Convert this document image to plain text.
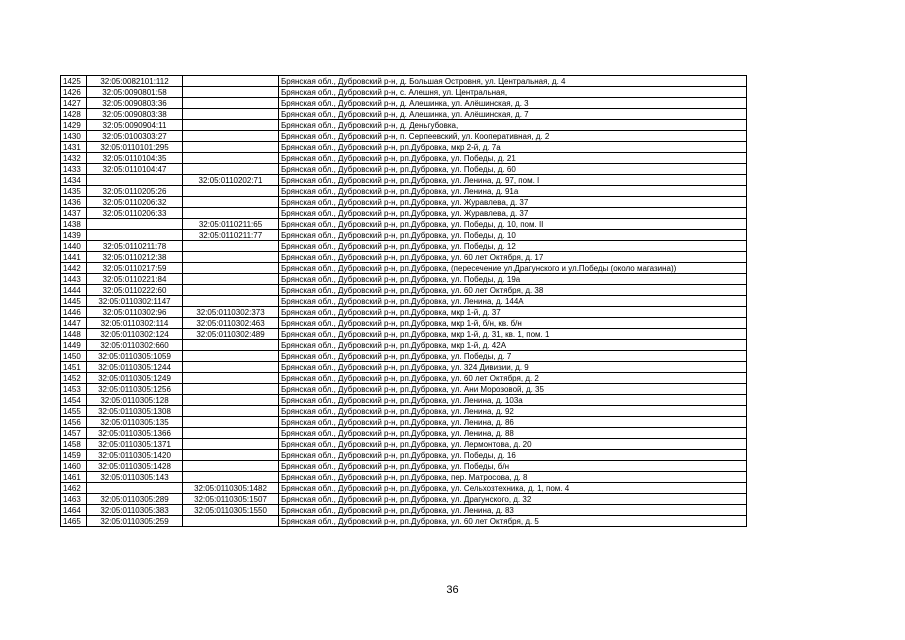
1425	32:05:0082101:112		Брянская обл., Дубровский р-н, д. Большая Островня, ул. Центральная, д. 4
1426	32:05:0090801:58		Брянская обл., Дубровский р-н, с. Алешня, ул. Центральная,
1427	32:05:0090803:36		Брянская обл., Дубровский р-н, д. Алешинка, ул. Алёшинская, д. 3
1428	32:05:0090803:38		Брянская обл., Дубровский р-н, д. Алешинка, ул. Алёшинская, д. 7
1429	32:05:0090904:11		Брянская обл., Дубровский р-н, д. Деньгубовка,
1430	32:05:0100303:27		Брянская обл., Дубровский р-н, п. Серпеевский, ул. Кооперативная, д. 2
1431	32:05:0110101:295		Брянская обл., Дубровский р-н, рп.Дубровка, мкр 2-й, д. 7а
1432	32:05:0110104:35		Брянская обл., Дубровский р-н, рп.Дубровка, ул. Победы, д. 21
1433	32:05:0110104:47		Брянская обл., Дубровский р-н, рп.Дубровка, ул. Победы, д. 60
1434		32:05:0110202:71	Брянская обл., Дубровский р-н, рп.Дубровка, ул. Ленина, д. 97, пом. I
1435	32:05:0110205:26		Брянская обл., Дубровский р-н, рп.Дубровка, ул. Ленина, д. 91а
1436	32:05:0110206:32		Брянская обл., Дубровский р-н, рп.Дубровка, ул. Журавлева, д. 37
1437	32:05:0110206:33		Брянская обл., Дубровский р-н, рп.Дубровка, ул. Журавлева, д. 37
1438		32:05:0110211:65	Брянская обл., Дубровский р-н, рп.Дубровка, ул. Победы, д. 10, пом. II
1439		32:05:0110211:77	Брянская обл., Дубровский р-н, рп.Дубровка, ул. Победы, д. 10
1440	32:05:0110211:78		Брянская обл., Дубровский р-н, рп.Дубровка, ул. Победы, д. 12
1441	32:05:0110212:38		Брянская обл., Дубровский р-н, рп.Дубровка, ул. 60 лет Октября, д. 17
1442	32:05:0110217:59		Брянская обл., Дубровский р-н, рп.Дубровка, (пересечение ул.Драгунского и ул.Победы (около магазина))
1443	32:05:0110221:84		Брянская обл., Дубровский р-н, рп.Дубровка, ул. Победы, д. 19а
1444	32:05:0110222:60		Брянская обл., Дубровский р-н, рп.Дубровка, ул. 60 лет Октября, д. 38
1445	32:05:0110302:1147		Брянская обл., Дубровский р-н, рп.Дубровка, ул. Ленина, д. 144А
1446	32:05:0110302:96	32:05:0110302:373	Брянская обл., Дубровский р-н, рп.Дубровка, мкр 1-й, д. 37
1447	32:05:0110302:114	32:05:0110302:463	Брянская обл., Дубровский р-н, рп.Дубровка, мкр 1-й, б/н, кв. б/н
1448	32:05:0110302:124	32:05:0110302:489	Брянская обл., Дубровский р-н, рп.Дубровка, мкр 1-й, д. 31, кв. 1, пом. 1
1449	32:05:0110302:660		Брянская обл., Дубровский р-н, рп.Дубровка, мкр 1-й, д. 42А
1450	32:05:0110305:1059		Брянская обл., Дубровский р-н, рп.Дубровка, ул. Победы, д. 7
1451	32:05:0110305:1244		Брянская обл., Дубровский р-н, рп.Дубровка, ул. 324 Дивизии, д. 9
1452	32:05:0110305:1249		Брянская обл., Дубровский р-н, рп.Дубровка, ул. 60 лет Октября, д. 2
1453	32:05:0110305:1256		Брянская обл., Дубровский р-н, рп.Дубровка, ул. Ани Морозовой, д. 35
1454	32:05:0110305:128		Брянская обл., Дубровский р-н, рп.Дубровка, ул. Ленина, д. 103а
1455	32:05:0110305:1308		Брянская обл., Дубровский р-н, рп.Дубровка, ул. Ленина, д. 92
1456	32:05:0110305:135		Брянская обл., Дубровский р-н, рп.Дубровка, ул. Ленина, д. 86
1457	32:05:0110305:1366		Брянская обл., Дубровский р-н, рп.Дубровка, ул. Ленина, д. 88
1458	32:05:0110305:1371		Брянская обл., Дубровский р-н, рп.Дубровка, ул. Лермонтова, д. 20
1459	32:05:0110305:1420		Брянская обл., Дубровский р-н, рп.Дубровка, ул. Победы, д. 16
1460	32:05:0110305:1428		Брянская обл., Дубровский р-н, рп.Дубровка, ул. Победы, б/н
1461	32:05:0110305:143		Брянская обл., Дубровский р-н, рп.Дубровка, пер. Матросова, д. 8
1462		32:05:0110305:1482	Брянская обл., Дубровский р-н, рп.Дубровка, ул. Сельхозтехника, д. 1, пом. 4
1463	32:05:0110305:289	32:05:0110305:1507	Брянская обл., Дубровский р-н, рп.Дубровка, ул. Драгунского, д. 32
1464	32:05:0110305:383	32:05:0110305:1550	Брянская обл., Дубровский р-н, рп.Дубровка, ул. Ленина, д. 83
1465	32:05:0110305:259		Брянская обл., Дубровский р-н, рп.Дубровка, ул. 60 лет Октября, д. 5
36
